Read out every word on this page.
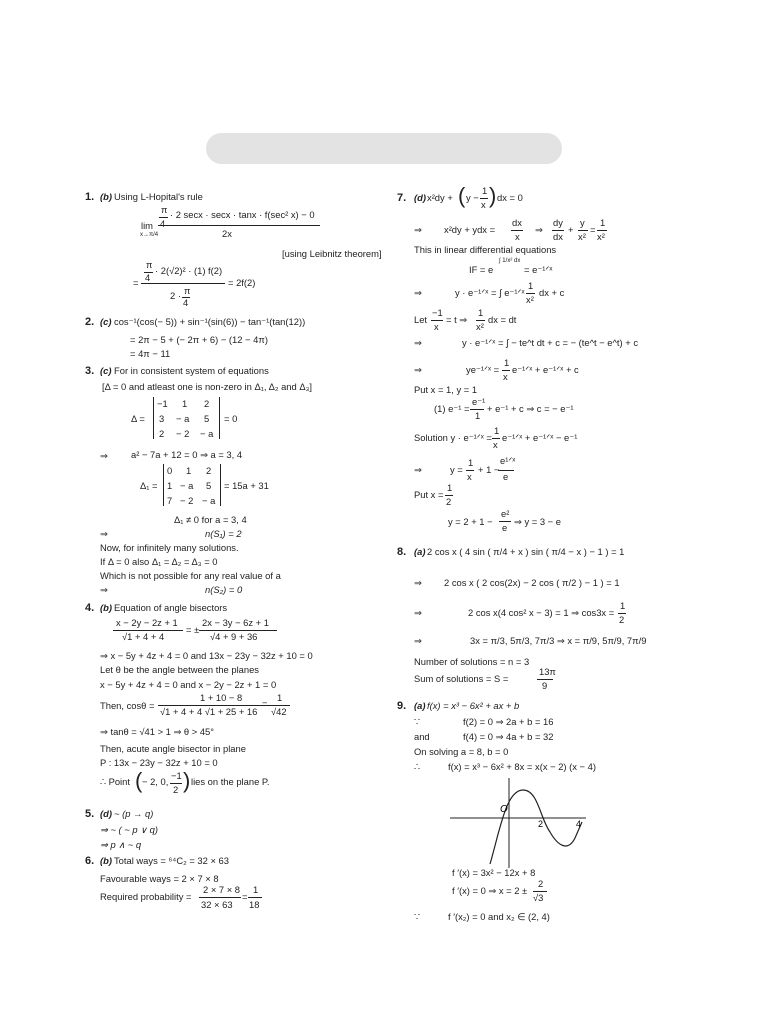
1. (b) Using L-Hopital's rule
lim
x→π/4
π
4
· 2 secx · secx · tanx · f(sec² x) − 0
2x
[using Leibnitz theorem]
π
4
· 2(√2)² · (1) f(2)
=
2 · π
4
= 2f(2)
2. (c) cos⁻¹(cos(− 5)) + sin⁻¹(sin(6)) − tan⁻¹(tan(12))
= 2π − 5 + (− 2π + 6) − (12 − 4π)
= 4π − 11
3. (c) For in consistent system of equations
[Δ = 0 and atleast one is non-zero in Δ₁, Δ₂ and Δ₃]
Δ =
−1 1 2
3 − a 5
2 − 2 − a
= 0
⇒ a² − 7a + 12 = 0 ⇒ a = 3, 4
Δ₁ =
0 1 2
1 − a 5
7 − 2 − a
= 15a + 31
Δ₁ ≠ 0 for a = 3, 4
⇒	n(S₁) = 2
Now, for infinitely many solutions.
If Δ = 0 also Δ₁ = Δ₂ = Δ₃ = 0
Which is not possible for any real value of a
⇒	n(S₂) = 0
4. (b) Equation of angle bisectors
x − 2y − 2z + 1
√1 + 4 + 4
= ±
2x − 3y − 6z + 1
√4 + 9 + 36
⇒ x − 5y + 4z + 4 = 0 and 13x − 23y − 32z + 10 = 0
Let θ be the angle between the planes
x − 5y + 4z + 4 = 0 and x − 2y − 2z + 1 = 0
Then, cosθ =
1 + 10 − 8
√1 + 4 + 4 √1 + 25 + 16
=
1
√42
⇒ tanθ = √41 > 1 ⇒ θ > 45°
Then, acute angle bisector in plane
P : 13x − 23y − 32z + 10 = 0
∴ Point ( − 2, 0,
−1
2 ) lies on the plane P.
5. (d) ~ (p → q)
⇒ ~ ( ~ p ∨ q)
⇒ p ∧ ~ q
6. (b) Total ways = ⁶⁴C₂ = 32 × 63
Favourable ways = 2 × 7 × 8
Required probability =
2 × 7 × 8
32 × 63
=
1
18
7. (d) x²dy + ( y −
1
x ) dx = 0
⇒ x²dy + ydx =
dx
x
⇒
dy
dx
+
y
x²
=
1
x²
This in linear differential equations
IF = e
∫ 1/x² dx
= e⁻¹ᐟˣ
⇒	y · e⁻¹ᐟˣ = ∫ e⁻¹ᐟˣ ·
1
x²
dx + c
Let
−1
x
= t ⇒
1
x²
dx = dt
⇒	y · e⁻¹ᐟˣ = ∫ − te^t dt + c = − (te^t − e^t) + c
⇒	ye⁻¹ᐟˣ =
1
x
e⁻¹ᐟˣ + e⁻¹ᐟˣ + c
Put x = 1, y = 1
(1) e⁻¹ =
e⁻¹
1
+ e⁻¹ + c ⇒ c = − e⁻¹
Solution y · e⁻¹ᐟˣ =
1
x
e⁻¹ᐟˣ + e⁻¹ᐟˣ − e⁻¹
⇒	y =
1
x
+ 1 −
e¹ᐟˣ
e
Put x =
1
2
y = 2 + 1 −
e²
e
⇒ y = 3 − e
8. (a) 2 cos x ( 4 sin ( π/4 + x ) sin ( π/4 − x ) − 1 ) = 1
⇒ 2 cos x ( 2 cos(2x) − 2 cos ( π/2 ) − 1 ) = 1
⇒	2 cos x(4 cos² x − 3) = 1 ⇒ cos3x =
1
2
⇒	3x = π/3, 5π/3, 7π/3 ⇒ x = π/9, 5π/9, 7π/9
Number of solutions = n = 3
Sum of solutions = S =
13π
9
9. (a) f(x) = x³ − 6x² + ax + b
∵	f(2) = 0 ⇒ 2a + b = 16
and	f(4) = 0 ⇒ 4a + b = 32
On solving a = 8, b = 0
∴	f(x) = x³ − 6x² + 8x = x(x − 2) (x − 4)
O
2	4
f ′(x) = 3x² − 12x + 8
f ′(x) = 0 ⇒ x = 2 ±
2
√3
∵	f ′(x₂) = 0 and x₂ ∈ (2, 4)
